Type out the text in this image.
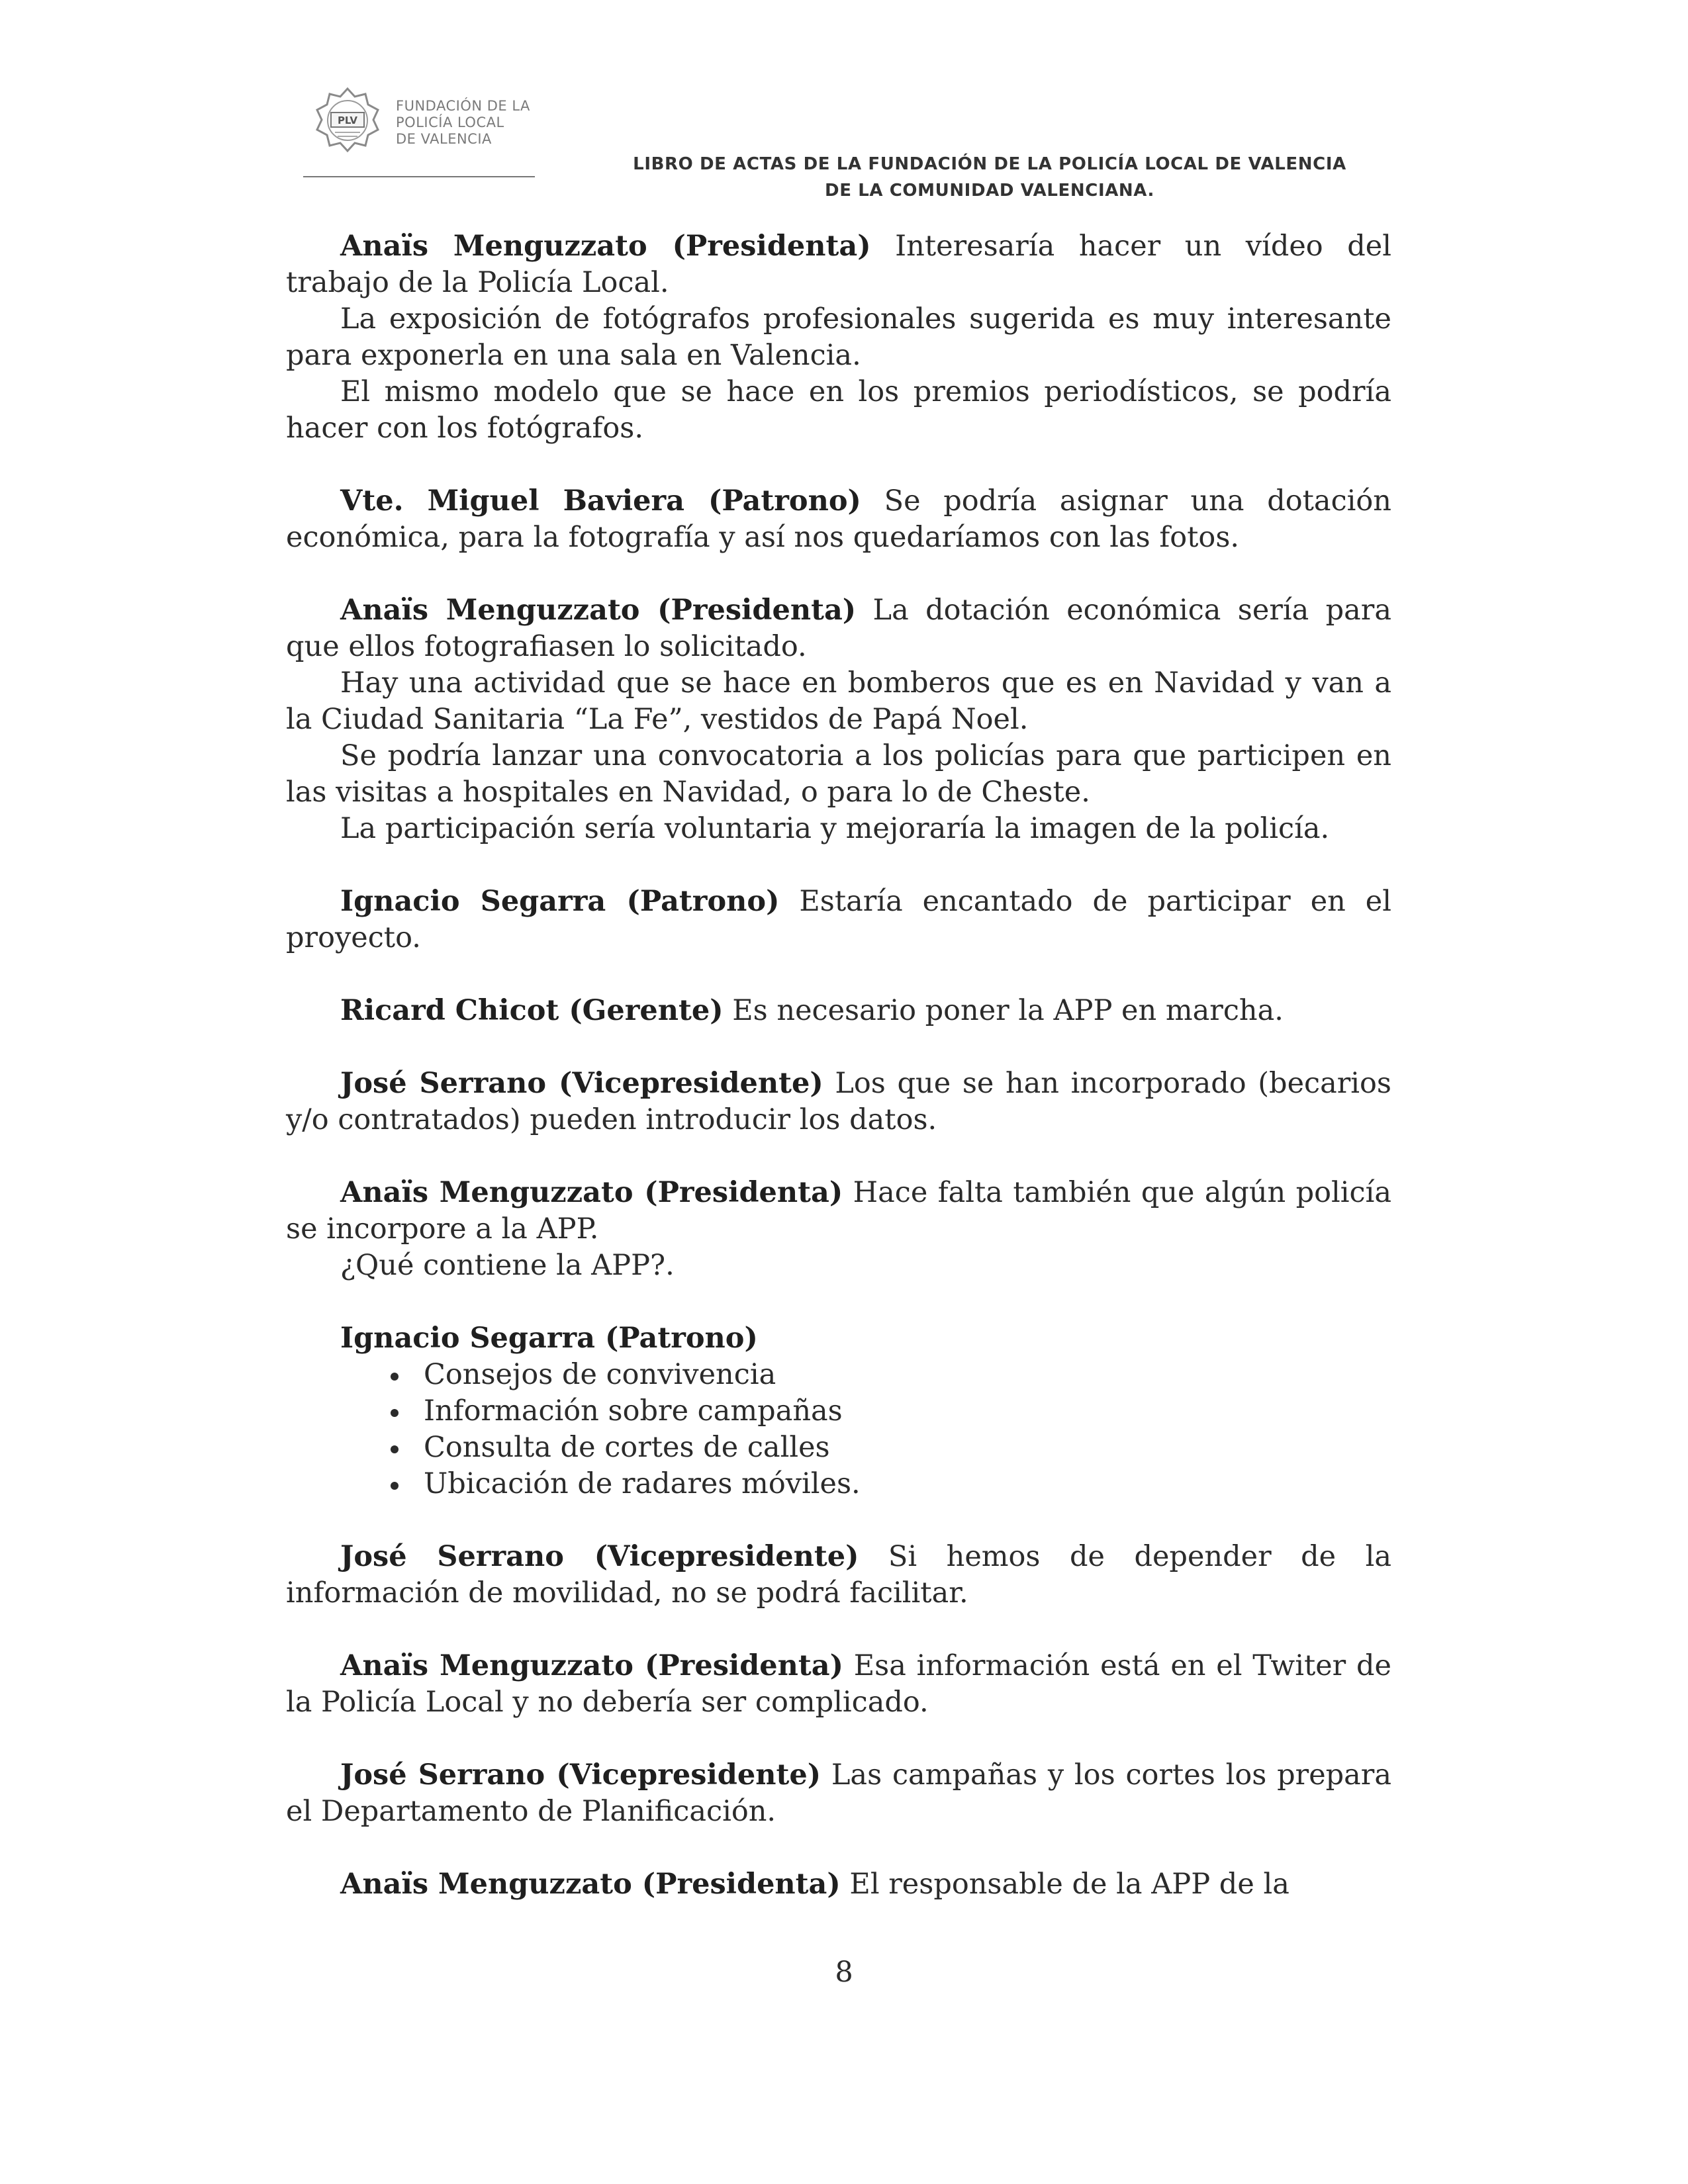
PLV
FUNDACIÓN DE LA
POLICÍA LOCAL
DE VALENCIA
LIBRO DE ACTAS DE LA FUNDACIÓN DE LA POLICÍA LOCAL DE VALENCIA
DE LA COMUNIDAD VALENCIANA.

Anaïs Menguzzato (Presidenta) Interesaría hacer un vídeo del trabajo de la Policía Local.

La exposición de fotógrafos profesionales sugerida es muy interesante para exponerla en una sala en Valencia.

El mismo modelo que se hace en los premios periodísticos, se podría hacer con los fotógrafos.

Vte. Miguel Baviera (Patrono) Se podría asignar una dotación económica, para la fotografía y así nos quedaríamos con las fotos.

Anaïs Menguzzato (Presidenta) La dotación económica sería para que ellos fotografiasen lo solicitado.

Hay una actividad que se hace en bomberos que es en Navidad y van a la Ciudad Sanitaria “La Fe”, vestidos de Papá Noel.

Se podría lanzar una convocatoria a los policías para que participen en las visitas a hospitales en Navidad, o para lo de Cheste.

La participación sería voluntaria y mejoraría la imagen de la policía.

Ignacio Segarra (Patrono) Estaría encantado de participar en el proyecto.

Ricard Chicot (Gerente) Es necesario poner la APP en marcha.

José Serrano (Vicepresidente) Los que se han incorporado (becarios y/o contratados) pueden introducir los datos.

Anaïs Menguzzato (Presidenta) Hace falta también que algún policía se incorpore a la APP.

¿Qué contiene la APP?.

Ignacio Segarra (Patrono)

Consejos de convivencia
Información sobre campañas
Consulta de cortes de calles
Ubicación de radares móviles.

José Serrano (Vicepresidente) Si hemos de depender de la información de movilidad, no se podrá facilitar.

Anaïs Menguzzato (Presidenta) Esa información está en el Twiter de la Policía Local y no debería ser complicado.

José Serrano (Vicepresidente) Las campañas y los cortes los prepara el Departamento de Planificación.

Anaïs Menguzzato (Presidenta) El responsable de la APP de la

8
